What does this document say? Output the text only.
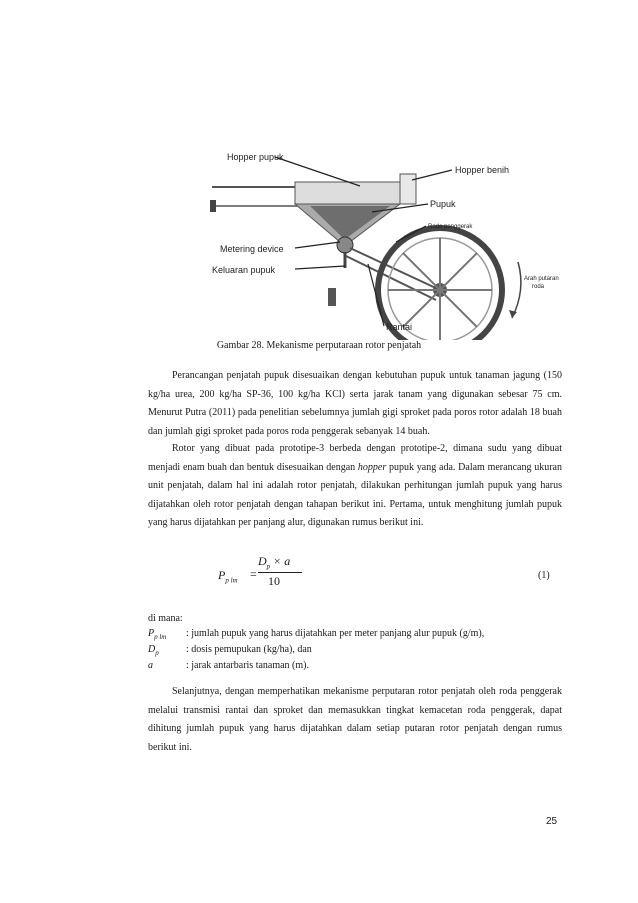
Hopper pupuk
Hopper benih
Pupuk
Roda penggerak
Metering device
Keluaran pupuk
Arah putaran
roda
Rantai
Gambar 28. Mekanisme perputaraan rotor penjatah

Perancangan penjatah pupuk disesuaikan dengan kebutuhan pupuk untuk tanaman jagung (150 kg/ha urea, 200 kg/ha SP-36, 100 kg/ha KCl) serta jarak tanam yang digunakan sebesar 75 cm. Menurut Putra (2011) pada penelitian sebelumnya jumlah gigi sproket pada poros rotor adalah 18 buah dan jumlah gigi sproket pada poros roda penggerak sebanyak 14 buah.

Rotor yang dibuat pada prototipe-3 berbeda dengan prototipe-2, dimana sudu yang dibuat menjadi enam buah dan bentuk disesuaikan dengan hopper pupuk yang ada. Dalam merancang ukuran unit penjatah, dalam hal ini adalah rotor penjatah, dilakukan perhitungan jumlah pupuk yang harus dijatahkan oleh rotor penjatah dengan tahapan berikut ini. Pertama, untuk menghitung jumlah pupuk yang harus dijatahkan per panjang alur, digunakan rumus berikut ini.

$P_{p lm}$ =
$D_p \times a$
10	(1)
di mana:
$P_{p lm}$	: jumlah pupuk yang harus dijatahkan per meter panjang alur pupuk (g/m),
$D_p$	: dosis pemupukan (kg/ha), dan
a	: jarak antarbaris tanaman (m).

Selanjutnya, dengan memperhatikan mekanisme perputaran rotor penjatah oleh roda penggerak melalui transmisi rantai dan sproket dan memasukkan tingkat kemacetan roda penggerak, dapat dihitung jumlah pupuk yang harus dijatahkan dalam setiap putaran rotor penjatah dengan rumus berikut ini.

25
